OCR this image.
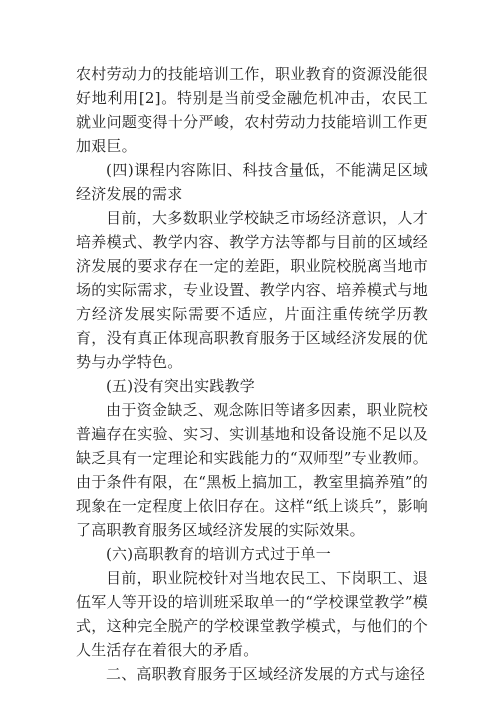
农村劳动力的技能培训工作，职业教育的资源没能很好地利用[2]。特别是当前受金融危机冲击，农民工就业问题变得十分严峻，农村劳动力技能培训工作更加艰巨。

(四)课程内容陈旧、科技含量低，不能满足区域经济发展的需求

目前，大多数职业学校缺乏市场经济意识，人才培养模式、教学内容、教学方法等都与目前的区域经济发展的要求存在一定的差距，职业院校脱离当地市场的实际需求，专业设置、教学内容、培养模式与地方经济发展实际需要不适应，片面注重传统学历教育，没有真正体现高职教育服务于区域经济发展的优势与办学特色。

(五)没有突出实践教学

由于资金缺乏、观念陈旧等诸多因素，职业院校普遍存在实验、实习、实训基地和设备设施不足以及缺乏具有一定理论和实践能力的“双师型”专业教师。由于条件有限，在“黑板上搞加工，教室里搞养殖”的现象在一定程度上依旧存在。这样“纸上谈兵”，影响了高职教育服务区域经济发展的实际效果。

(六)高职教育的培训方式过于单一

目前，职业院校针对当地农民工、下岗职工、退伍军人等开设的培训班采取单一的“学校课堂教学”模式，这种完全脱产的学校课堂教学模式，与他们的个人生活存在着很大的矛盾。

二、高职教育服务于区域经济发展的方式与途径
